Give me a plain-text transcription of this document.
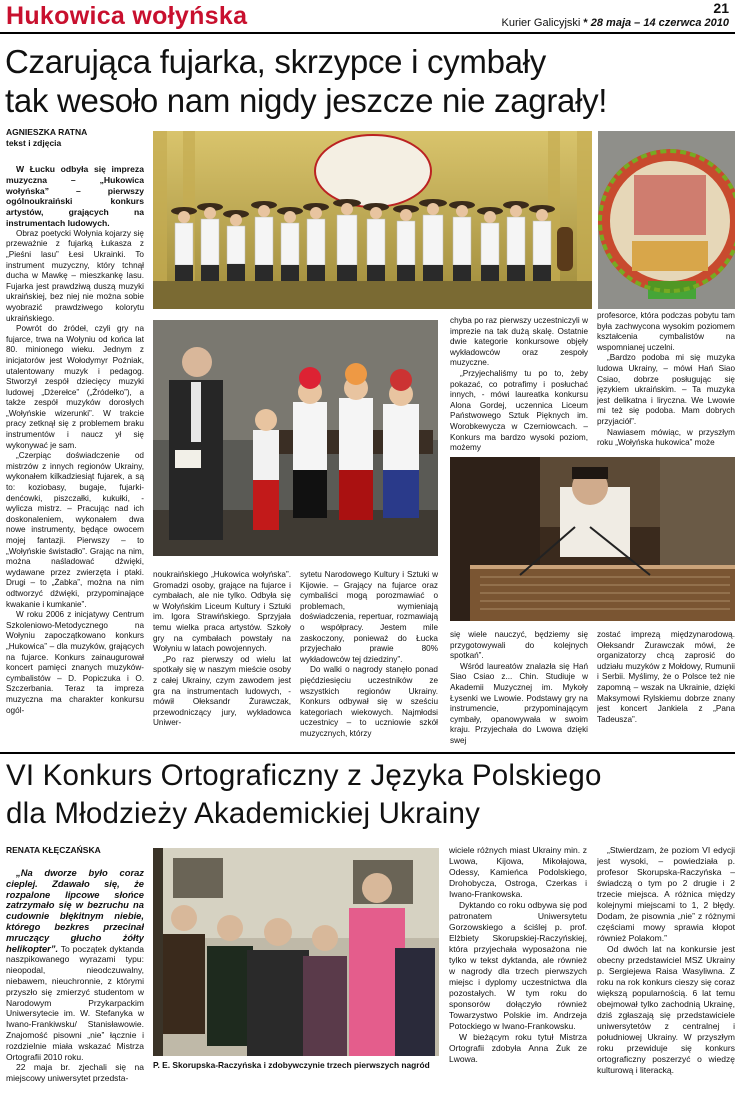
Hukowica wołyńska	21
Kurier Galicyjski * 28 maja – 14 czerwca 2010
Czarująca fujarka, skrzypce i cymbały
tak wesoło nam nigdy jeszcze nie zagrały!
AGNIESZKA RATNA
tekst i zdjęcia

W Łucku odbyła się impreza muzyczna – „Hukowica wołyńska” – pierwszy ogólnoukraiński konkurs artystów, grających na instrumentach ludowych.

Obraz poetycki Wołynia kojarzy się przeważnie z fujarką Łukasza z „Pieśni lasu” Łesi Ukrainki. To instrument muzyczny, który tchnął ducha w Mawkę – mieszkankę lasu. Fujarka jest prawdziwą duszą muzyki ukraińskiej, bez niej nie można sobie wyobrazić prawdziwego kolorytu ukraińskiego.

Powrót do źródeł, czyli gry na fujarce, trwa na Wołyniu od końca lat 80. minionego wieku. Jednym z inicjatorów jest Wołodymyr Poźniak, utalentowany muzyk i pedagog. Stworzył zespół dziecięcy muzyki ludowej „Dżerełce” („Źródełko”), a także zespół muzyków dorosłych „Wołyńskie wizerunki”. W trakcie pracy zetknął się z problemem braku instrumentów i naucz ył się wykonywać je sam.

„Czerpiąc doświadczenie od mistrzów z innych regionów Ukrainy, wykonałem kilkadziesiąt fujarek, a są to: koziobasy, bugaje, fujarki-denćowki, piszczałki, kukułki, - wylicza mistrz. – Pracując nad ich doskonaleniem, wykonałem dwa nowe instrumenty, będące owocem mojej fantazji. Pierwszy – to „Wołyńskie świstadło”. Grając na nim, można naśladować dźwięki, wydawane przez zwierzęta i ptaki. Drugi – to „Żabka”, można na nim odtworzyć dźwięki, przypominające kwakanie i kumkanie”.

W roku 2006 z inicjatywy Centrum Szkoleniowo-Metodycznego na Wołyniu zapoczątkowano konkurs „Hukowica” – dla muzyków, grających na fujarce. Konkurs zainaugurował koncert pamięci znanych muzyków-cymbalistów – D. Popiczuka i O. Szczerbania. Teraz ta impreza muzyczna ma charakter konkursu ogól-

noukraińskiego „Hukowica wołyńska”. Gromadzi osoby, grające na fujarce i cymbałach, ale nie tylko. Odbyła się w Wołyńskim Liceum Kultury i Sztuki im. Igora Strawińskiego. Sprzyjała temu wielka praca artystów. Szkoły gry na cymbałach powstały na Wołyniu w latach powojennych.

„Po raz pierwszy od wielu lat spotkały się w naszym mieście osoby z całej Ukrainy, czym zawodem jest gra na instrumentach ludowych, - mówił Ołeksandr Żurawczak, przewodniczący jury, wykładowca Uniwer-

sytetu Narodowego Kultury i Sztuki w Kijowie. – Grający na fujarce oraz cymbaliści mogą porozmawiać o problemach, wymieniają doświadczenia, repertuar, rozmawiają o współpracy. Jestem mile zaskoczony, ponieważ do Łucka przyjechało prawie 80% wykładowców tej dziedziny”.

Do walki o nagrody stanęło ponad pięćdziesięciu uczestników ze wszystkich regionów Ukrainy. Konkurs odbywał się w sześciu kategoriach wiekowych. Najmłodsi uczestnicy – to uczniowie szkół muzycznych, którzy

chyba po raz pierwszy uczestniczyli w imprezie na tak dużą skalę. Ostatnie dwie kategorie konkursowe objęły wykładowców oraz zespoły muzyczne.

„Przyjechaliśmy tu po to, żeby pokazać, co potrafimy i posłuchać innych, - mówi laureatka konkursu Alona Gordej, uczennica Liceum Państwowego Sztuk Pięknych im. Worobkewycza w Czerniowcach. – Konkurs ma bardzo wysoki poziom, możemy

profesorce, która podczas pobytu tam była zachwycona wysokim poziomem kształcenia cymbalistów na wspomnianej uczelni.

„Bardzo podoba mi się muzyka ludowa Ukrainy, – mówi Hań Siao Csiao, dobrze posługując się językiem ukraińskim. – Ta muzyka jest delikatna i liryczna. We Lwowie mi też się podoba. Mam dobrych przyjaciół”.

Nawiasem mówiąc, w przyszłym roku „Wołyńska hukowica” może

się wiele nauczyć, będziemy się przygotowywali do kolejnych spotkań”.

Wśród laureatów znalazła się Hań Siao Csiao z... Chin. Studiuje w Akademii Muzycznej im. Mykoły Łysenki we Lwowie. Podstawy gry na instrumencie, przypominającym cymbały, opanowywała w swoim kraju. Przyjechała do Lwowa dzięki swej

zostać imprezą międzynarodową. Ołeksandr Żurawczak mówi, że organizatorzy chcą zaprosić do udziału muzyków z Mołdowy, Rumunii i Serbii. Myślimy, że o Polsce też nie zapomną – wszak na Ukrainie, dzięki Maksymowi Rylskiemu dobrze znany jest koncert Jankiela z „Pana Tadeusza”.

VI Konkurs Ortograficzny z Języka Polskiego
dla Młodzieży Akademickiej Ukrainy
RENATA KŁĘCZAŃSKA

„Na dworze było coraz cieplej. Zdawało się, że rozpalone lipcowe słońce zatrzymało się w bezruchu na cudownie błękitnym niebie, którego bezkres przecinał mruczący głucho żółty helikopter”. To początek dyktanda naszpikowanego wyrazami typu: nieopodal, nieodczuwalny, niebawem, nieuchronnie, z którymi przyszło się zmierzyć studentom w Narodowym Przykarpackim Uniwersytecie im. W. Stefanyka w Iwano-Frankiwsku/ Stanisławowie. Znajomość pisowni „nie” łącznie i rozdzielnie miała wskazać Mistrza Ortografii 2010 roku.

22 maja br. zjechali się na miejscowy uniwersytet przedsta-

P. E. Skorupska-Raczyńska i zdobywczynie trzech pierwszych nagród

wiciele różnych miast Ukrainy min. z Lwowa, Kijowa, Mikołajowa, Odessy, Kamieńca Podolskiego, Drohobycza, Ostroga, Czerkas i Iwano-Frankowska.

Dyktando co roku odbywa się pod patronatem Uniwersytetu Gorzowskiego a ściślej p. prof. Elżbiety Skorupskiej-Raczyńskiej, która przyjechała wyposażona nie tylko w tekst dyktanda, ale również w nagrody dla trzech pierwszych miejsc i dyplomy uczestnictwa dla pozostałych. W tym roku do sponsorów dołączyło również Towarzystwo Polskie im. Andrzeja Potockiego w Iwano-Frankowsku.

W bieżącym roku tytuł Mistrza Ortografii zdobyła Anna Żuk ze Lwowa.

„Stwierdzam, że poziom VI edycji jest wysoki, – powiedziała p. profesor Skorupska-Raczyńska – świadczą o tym po 2 drugie i 2 trzecie miejsca. A różnica między kolejnymi miejscami to 1, 2 błędy. Dodam, że pisownia „nie” z różnymi częściami mowy sprawia kłopot również Polakom.”

Od dwóch lat na konkursie jest obecny przedstawiciel MSZ Ukrainy p. Sergiejewa Raisa Wasyliwna. Z roku na rok konkurs cieszy się coraz większą popularnością. 6 lat temu obejmował tylko zachodnią Ukrainę, dziś zgłaszają się przedstawiciele uniwersytetów z centralnej i południowej Ukrainy. W przyszłym roku przewiduje się konkurs ortograficzny poszerzyć o wiedzę kulturową i literacką.
